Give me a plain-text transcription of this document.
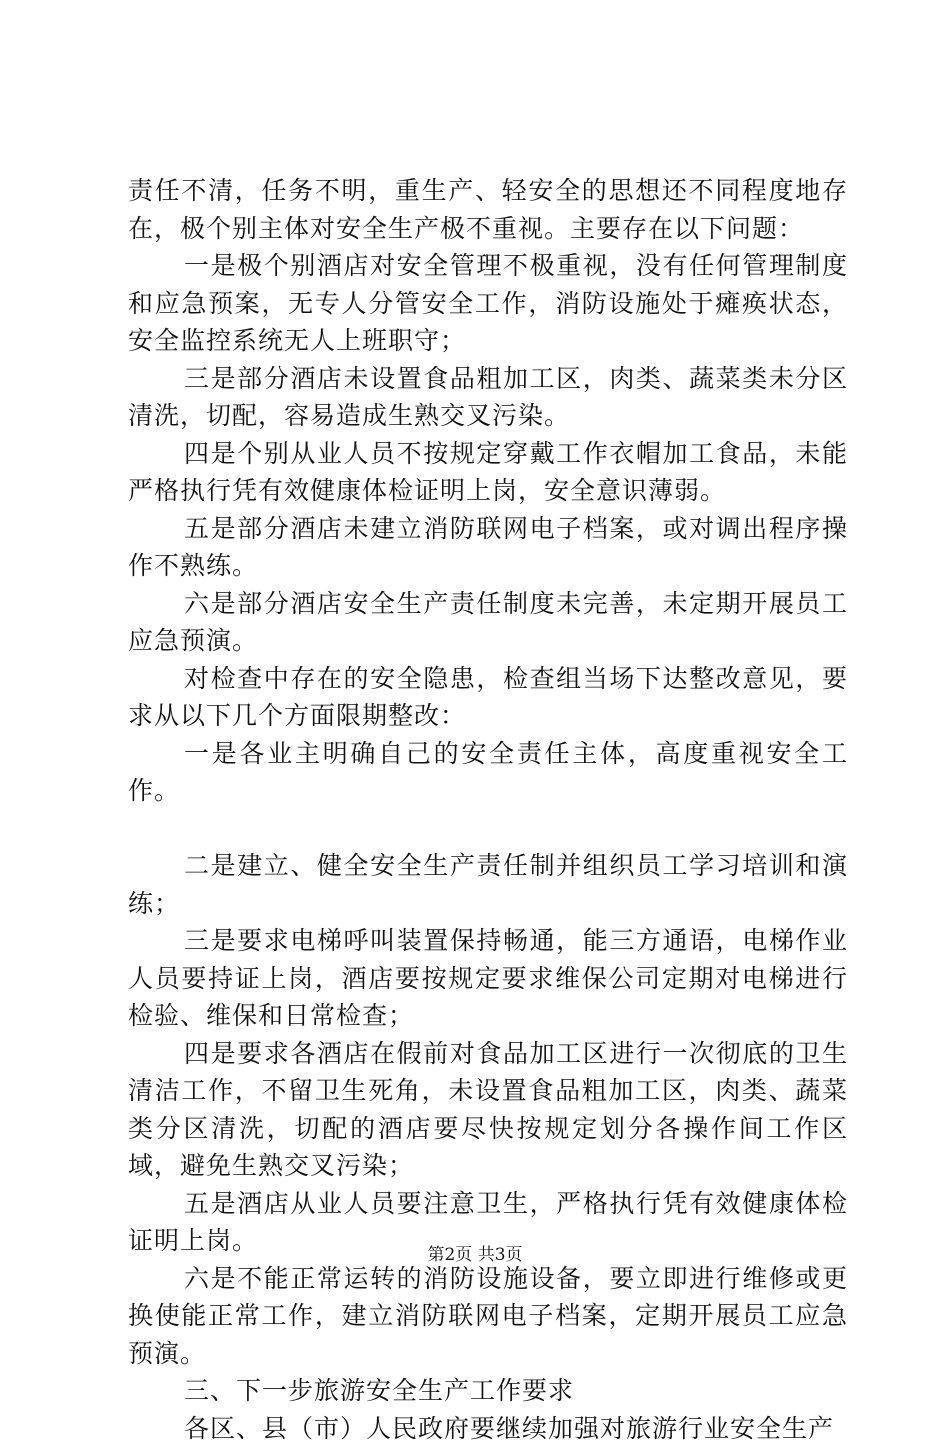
责任不清，任务不明，重生产、轻安全的思想还不同程度地存在，极个别主体对安全生产极不重视。主要存在以下问题：

一是极个别酒店对安全管理不极重视，没有任何管理制度和应急预案，无专人分管安全工作，消防设施处于瘫痪状态，安全监控系统无人上班职守；

三是部分酒店未设置食品粗加工区，肉类、蔬菜类未分区清洗，切配，容易造成生熟交叉污染。

四是个别从业人员不按规定穿戴工作衣帽加工食品，未能严格执行凭有效健康体检证明上岗，安全意识薄弱。

五是部分酒店未建立消防联网电子档案，或对调出程序操作不熟练。

六是部分酒店安全生产责任制度未完善，未定期开展员工应急预演。

对检查中存在的安全隐患，检查组当场下达整改意见，要求从以下几个方面限期整改：

一是各业主明确自己的安全责任主体，高度重视安全工作。

二是建立、健全安全生产责任制并组织员工学习培训和演练；

三是要求电梯呼叫装置保持畅通，能三方通语，电梯作业人员要持证上岗，酒店要按规定要求维保公司定期对电梯进行检验、维保和日常检查；

四是要求各酒店在假前对食品加工区进行一次彻底的卫生清洁工作，不留卫生死角，未设置食品粗加工区，肉类、蔬菜类分区清洗，切配的酒店要尽快按规定划分各操作间工作区域，避免生熟交叉污染；

五是酒店从业人员要注意卫生，严格执行凭有效健康体检证明上岗。

六是不能正常运转的消防设施设备，要立即进行维修或更换使能正常工作，建立消防联网电子档案，定期开展员工应急预演。

三、下一步旅游安全生产工作要求

各区、县（市）人民政府要继续加强对旅游行业安全生产

第2页 共3页
